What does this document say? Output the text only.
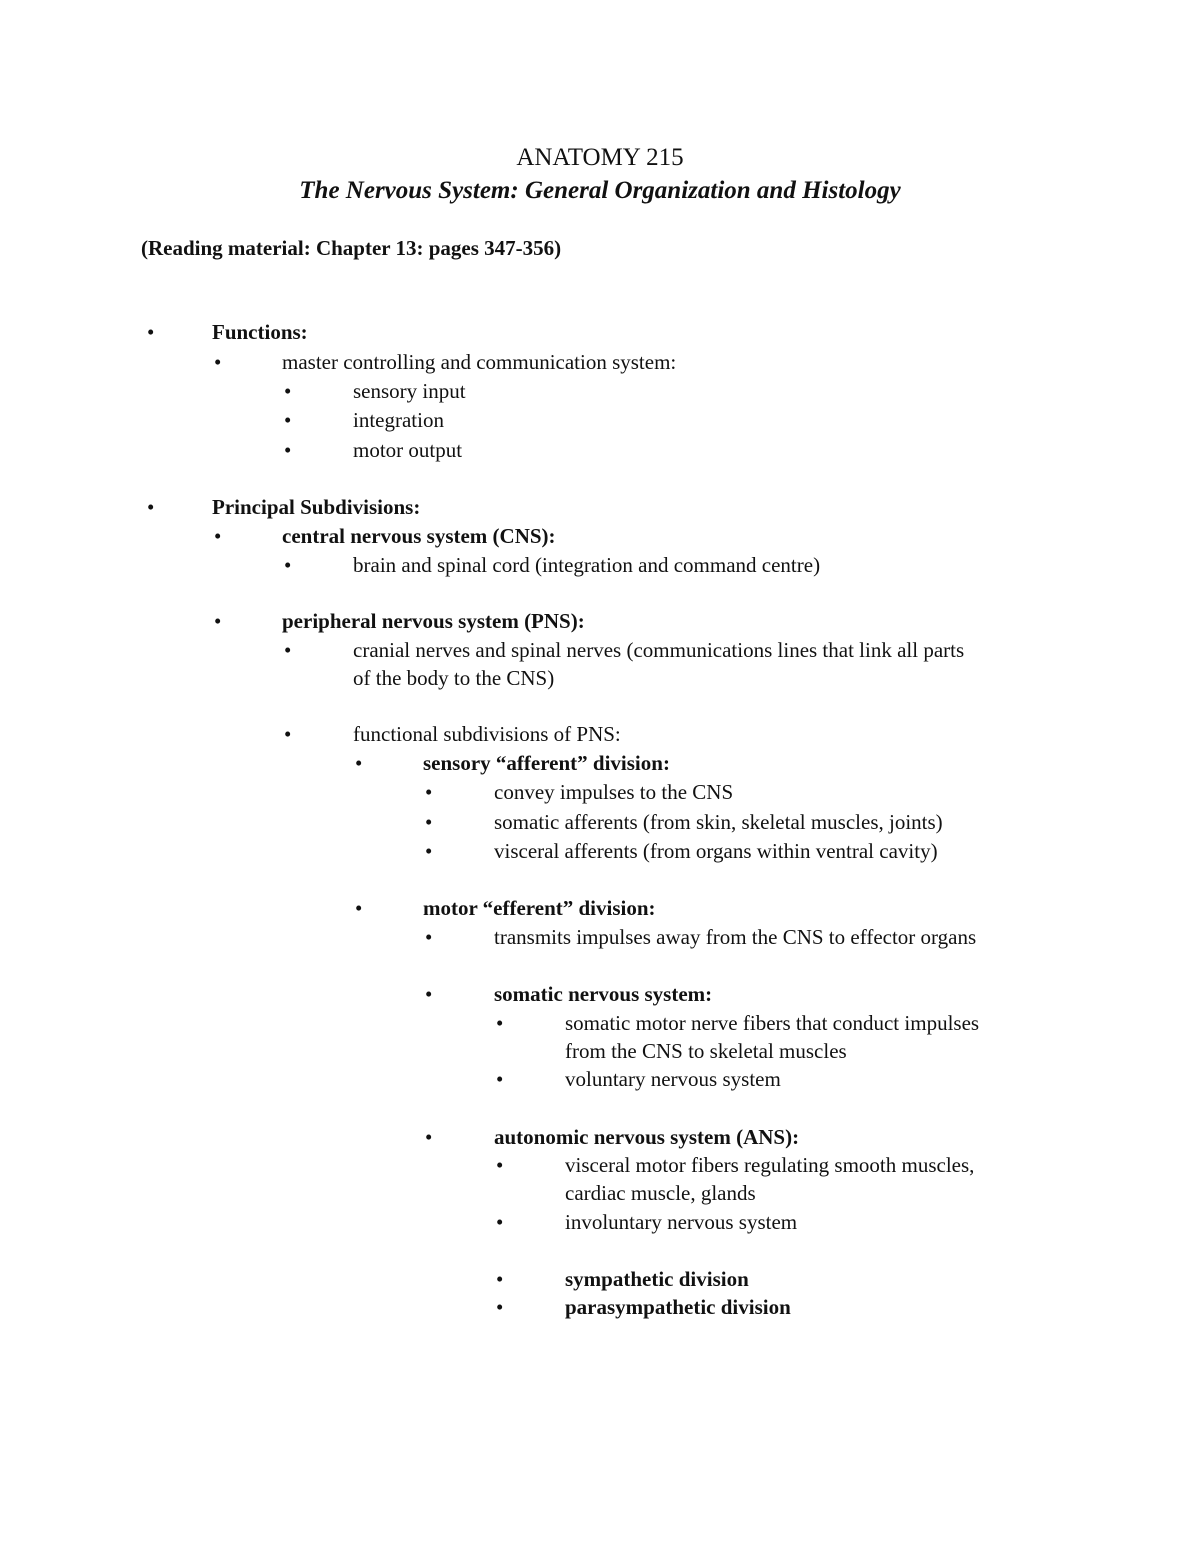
ANATOMY 215
The Nervous System: General Organization and Histology
(Reading material: Chapter 13: pages 347-356)
•	Functions:
•	master controlling and communication system:
•	sensory input
•	integration
•	motor output
•	Principal Subdivisions:
•	central nervous system (CNS):
•	brain and spinal cord (integration and command centre)
•	peripheral nervous system (PNS):
•	cranial nerves and spinal nerves (communications lines that link all parts
of the body to the CNS)
•	functional subdivisions of PNS:
•	sensory “afferent” division:
•	convey impulses to the CNS
•	somatic afferents (from skin, skeletal muscles, joints)
•	visceral afferents (from organs within ventral cavity)
•	motor “efferent” division:
•	transmits impulses away from the CNS to effector organs
•	somatic nervous system:
•	somatic motor nerve fibers that conduct impulses
from the CNS to skeletal muscles
•	voluntary nervous system
•	autonomic nervous system (ANS):
•	visceral motor fibers regulating smooth muscles,
cardiac muscle, glands
•	involuntary nervous system
•	sympathetic division
•	parasympathetic division
